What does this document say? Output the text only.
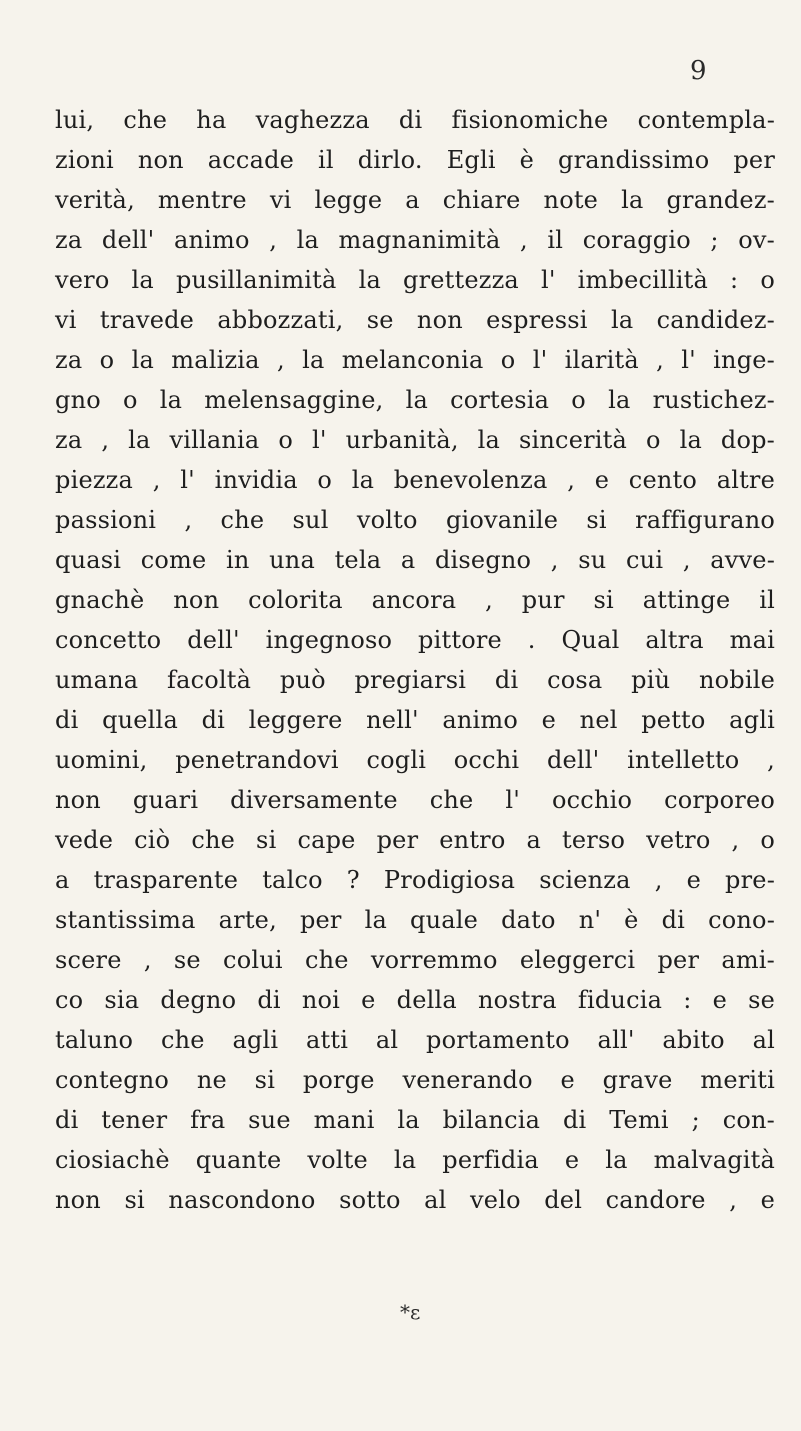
9
lui, che ha vaghezza di fisionomiche contempla-
zioni non accade il dirlo. Egli è grandissimo per
verità, mentre vi legge a chiare note la grandez-
za dell' animo , la magnanimità , il coraggio ; ov-
vero la pusillanimità la grettezza l' imbecillità : o
vi travede abbozzati, se non espressi la candidez-
za o la malizia , la melanconia o l' ilarità , l' inge-
gno o la melensaggine, la cortesia o la rustichez-
za , la villania o l' urbanità, la sincerità o la dop-
piezza , l' invidia o la benevolenza , e cento altre
passioni , che sul volto giovanile si raffigurano
quasi come in una tela a disegno , su cui , avve-
gnachè non colorita ancora , pur si attinge il
concetto dell' ingegnoso pittore . Qual altra mai
umana facoltà può pregiarsi di cosa più nobile
di quella di leggere nell' animo e nel petto agli
uomini, penetrandovi cogli occhi dell' intelletto ,
non guari diversamente che l' occhio corporeo
vede ciò che si cape per entro a terso vetro , o
a trasparente talco ? Prodigiosa scienza , e pre-
stantissima arte, per la quale dato n' è di cono-
scere , se colui che vorremmo eleggerci per ami-
co sia degno di noi e della nostra fiducia : e se
taluno che agli atti al portamento all' abito al
contegno ne si porge venerando e grave meriti
di tener fra sue mani la bilancia di Temi ; con-
ciosiachè quante volte la perfidia e la malvagità
non si nascondono sotto al velo del candore , e
*ε
